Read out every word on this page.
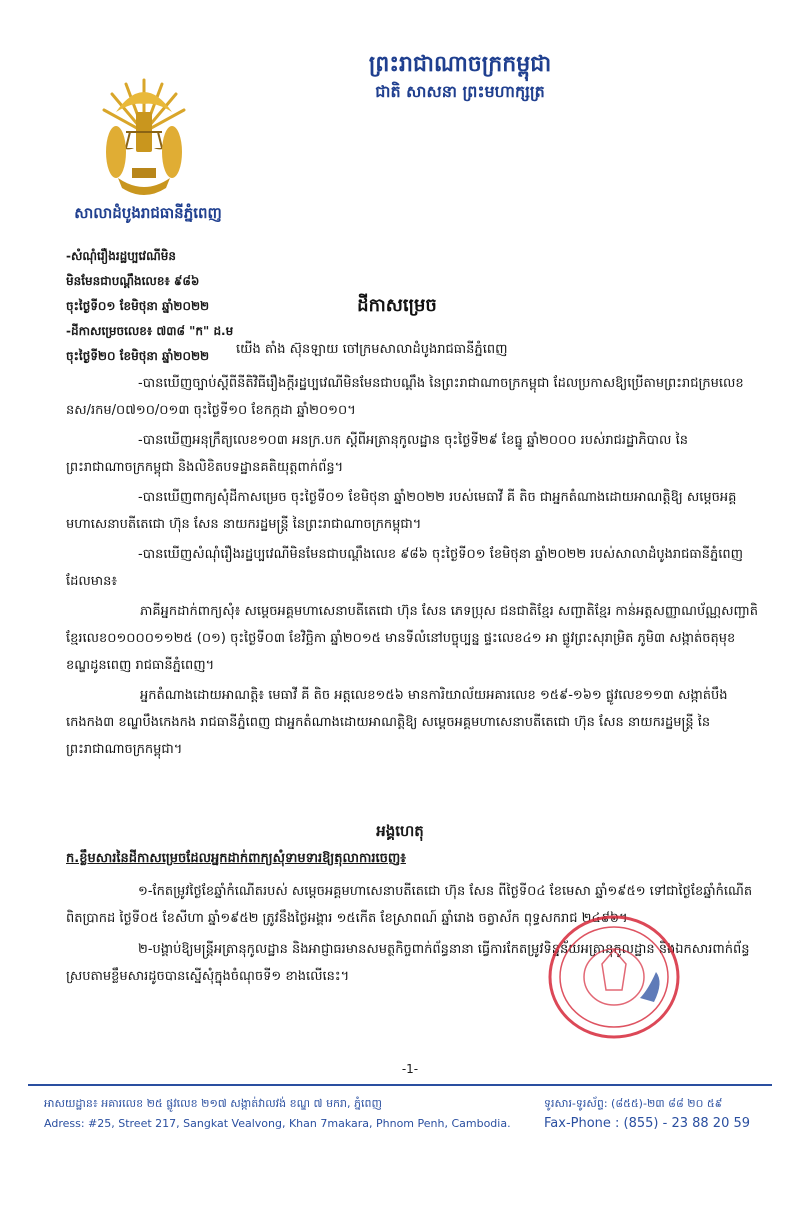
សាលាដំបូងរាជធានីភ្នំពេញ
ព្រះរាជាណាចក្រកម្ពុជា
ជាតិ សាសនា ព្រះមហាក្សត្រ
-សំណុំរឿងរដ្ឋប្បវេណីមិន
មិនមែនជាបណ្តឹងលេខ៖ ៩៨៦
ចុះថ្ងៃទី០១ ខែមិថុនា ឆ្នាំ២០២២
-ដីកាសម្រេចលេខ៖ ៧៣៨ "ក" ដ.ម
ចុះថ្ងៃទី២០ ខែមិថុនា ឆ្នាំ២០២២
ដីកាសម្រេច
យើង តាំង ស៊ុនឡាយ ចៅក្រមសាលាដំបូងរាជធានីភ្នំពេញ

-បានឃើញច្បាប់ស្តីពីនីតិវិធីរឿងក្តីរដ្ឋប្បវេណីមិនមែនជាបណ្តឹង នៃព្រះរាជាណាចក្រកម្ពុជា ដែលប្រកាសឱ្យប្រើតាមព្រះរាជក្រមលេខ នស/រកម/០៧១០/០១៣ ចុះថ្ងៃទី១០ ខែកក្កដា ឆ្នាំ២០១០។

-បានឃើញអនុក្រឹត្យលេខ១០៣ អនក្រ.បក ស្តីពីអត្រានុកូលដ្ឋាន ចុះថ្ងៃទី២៩ ខែធ្នូ ឆ្នាំ២០០០ របស់រាជរដ្ឋាភិបាល នៃព្រះរាជាណាចក្រកម្ពុជា និងលិខិតបទដ្ឋានគតិយុត្តពាក់ព័ន្ធ។

-បានឃើញពាក្យសុំដីកាសម្រេច ចុះថ្ងៃទី០១ ខែមិថុនា ឆ្នាំ២០២២ របស់មេធាវី គី តិច ជាអ្នកតំណាងដោយអាណត្តិឱ្យ សម្តេចអគ្គមហាសេនាបតីតេជោ ហ៊ុន សែន នាយករដ្ឋមន្ត្រី នៃព្រះរាជាណាចក្រកម្ពុជា។

-បានឃើញសំណុំរឿងរដ្ឋប្បវេណីមិនមែនជាបណ្តឹងលេខ ៩៨៦ ចុះថ្ងៃទី០១ ខែមិថុនា ឆ្នាំ២០២២ របស់សាលាដំបូងរាជធានីភ្នំពេញ ដែលមាន៖

ភាគីអ្នកដាក់ពាក្យសុំ៖ សម្តេចអគ្គមហាសេនាបតីតេជោ ហ៊ុន សែន ភេទប្រុស ជនជាតិខ្មែរ សញ្ជាតិខ្មែរ កាន់អត្តសញ្ញាណប័ណ្ណសញ្ជាតិខ្មែរលេខ០១០០០១១២៥ (០១) ចុះថ្ងៃទី០៣ ខែវិច្ឆិកា ឆ្នាំ២០១៥ មានទីលំនៅបច្ចុប្បន្ន ផ្ទះលេខ៤១ អា ផ្លូវព្រះសុរាម្រិត ភូមិ៣ សង្កាត់ចតុមុខ ខណ្ឌដូនពេញ រាជធានីភ្នំពេញ។

អ្នកតំណាងដោយអាណត្តិ៖ មេធាវី គី តិច អត្តលេខ១៥៦ មានការិយាល័យអគារលេខ ១៥៩-១៦១ ផ្លូវលេខ១១៣ សង្កាត់បឹងកេងកង៣ ខណ្ឌបឹងកេងកង រាជធានីភ្នំពេញ ជាអ្នកតំណាងដោយអាណត្តិឱ្យ សម្តេចអគ្គមហាសេនាបតីតេជោ ហ៊ុន សែន នាយករដ្ឋមន្ត្រី នៃព្រះរាជាណាចក្រកម្ពុជា។

អង្គហេតុ
ក.ខ្លឹមសារនៃដីកាសម្រេចដែលអ្នកដាក់ពាក្យសុំទាមទារឱ្យតុលាការចេញ៖

១-កែតម្រូវថ្ងៃខែឆ្នាំកំណើតរបស់ សម្តេចអគ្គមហាសេនាបតីតេជោ ហ៊ុន សែន ពីថ្ងៃទី០៤ ខែមេសា ឆ្នាំ១៩៥១ ទៅជាថ្ងៃខែឆ្នាំកំណើតពិតប្រាកដ ថ្ងៃទី០៥ ខែសីហា ឆ្នាំ១៩៥២ ត្រូវនឹងថ្ងៃអង្គារ ១៥កើត ខែស្រាពណ៍ ឆ្នាំរោង ចត្វាស័ក ពុទ្ធសករាជ ២៤៩៦។

២-បង្គាប់ឱ្យមន្ត្រីអត្រានុកូលដ្ឋាន និងអាជ្ញាធរមានសមត្ថកិច្ចពាក់ព័ន្ធនានា ធ្វើការកែតម្រូវទិន្នន័យអត្រានុកូលដ្ឋាន និងឯកសារពាក់ព័ន្ធ ស្របតាមខ្លឹមសារដូចបានស្នើសុំក្នុងចំណុចទី១ ខាងលើនេះ។

-1-
អាសយដ្ឋាន៖ អគារលេខ ២៥ ផ្លូវលេខ ២១៧ សង្កាត់វាលវង់ ខណ្ឌ ៧ មករា, ភ្នំពេញ
Adress: #25, Street 217, Sangkat Vealvong, Khan 7makara, Phnom Penh, Cambodia.
ទូរសារ-ទូរស័ព្ទ: (៨៥៥)-២៣ ៨៨ ២០ ៥៩
Fax-Phone : (855) - 23 88 20 59
